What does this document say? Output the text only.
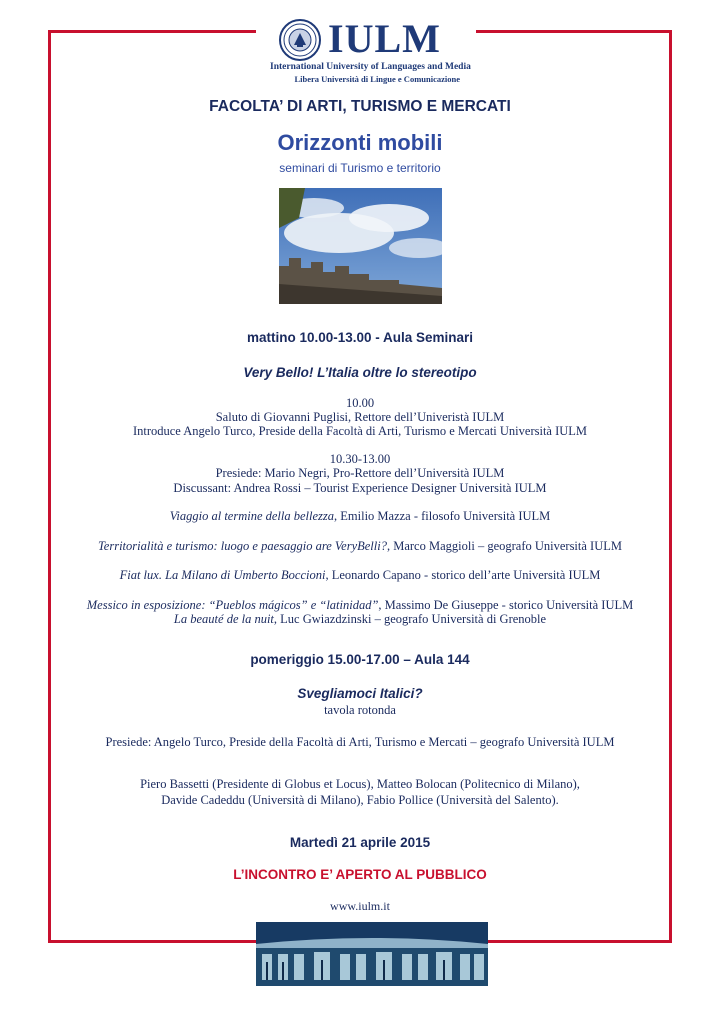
IULM
International University of Languages and Media
Libera Università di Lingue e Comunicazione
FACOLTA’ DI ARTI, TURISMO E MERCATI
Orizzonti mobili
seminari di Turismo e territorio
mattino 10.00-13.00 - Aula Seminari
Very Bello! L’Italia oltre lo stereotipo
10.00
Saluto di Giovanni Puglisi, Rettore dell’Univeristà IULM
Introduce Angelo Turco, Preside della Facoltà di Arti, Turismo e Mercati Università IULM
10.30-13.00
Presiede: Mario Negri, Pro-Rettore dell’Università IULM
Discussant: Andrea Rossi – Tourist Experience Designer Università IULM
Viaggio al termine della bellezza, Emilio Mazza - filosofo Università IULM
Territorialità e turismo: luogo e paesaggio are VeryBelli?, Marco Maggioli – geografo Università IULM
Fiat lux. La Milano di Umberto Boccioni, Leonardo Capano - storico dell’arte Università IULM
Messico in esposizione: “Pueblos mágicos” e “latinidad”, Massimo De Giuseppe - storico Università IULM
La beauté de la nuit, Luc Gwiazdzinski – geografo Università di Grenoble
pomeriggio 15.00-17.00 – Aula 144
Svegliamoci Italici?
tavola rotonda
Presiede: Angelo Turco, Preside della Facoltà di Arti, Turismo e Mercati – geografo Università IULM
Piero Bassetti (Presidente di Globus et Locus), Matteo Bolocan (Politecnico di Milano),
Davide Cadeddu (Università di Milano), Fabio Pollice (Università del Salento).
Martedì 21 aprile 2015
L’INCONTRO E’ APERTO AL PUBBLICO
www.iulm.it
